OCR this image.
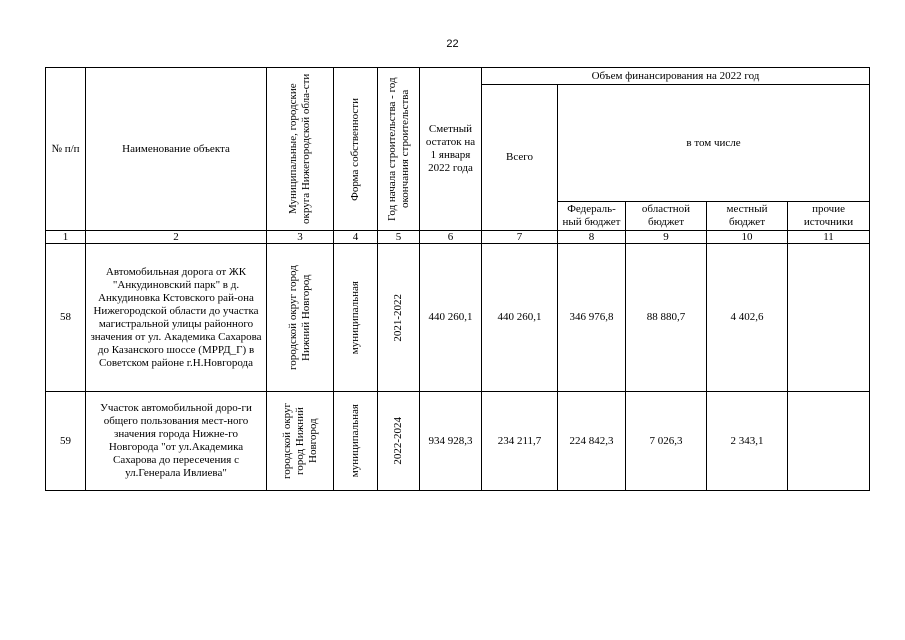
22
№ п/п	Наименование объекта	Муниципальные, городские округа Нижегородской обла-сти	Форма собственности	Год начала строительства - год окончания строительства	Сметный остаток на 1 января 2022 года	Объем финансирования на 2022 год				
						Всего	в том числе			
							Федераль-ный бюджет	областной бюджет	местный бюджет	прочие источники
1	2	3	4	5	6	7	8	9	10	11
58	Автомобильная дорога от ЖК "Анкудиновский парк" в д. Анкудиновка Кстовского рай-она Нижегородской области до участка магистральной улицы районного значения от ул. Академика Сахарова до Казанского шоссе (МРРД_Г) в Советском районе г.Н.Новгорода	городской округ город Нижний Новгород	муниципальная	2021-2022	440 260,1	440 260,1	346 976,8	88 880,7	4 402,6	
59	Участок автомобильной доро-ги общего пользования мест-ного значения города Нижне-го Новгорода "от ул.Академика Сахарова до пересечения с ул.Генерала Ивлиева"	городской округ город Нижний Новгород	муниципальная	2022-2024	934 928,3	234 211,7	224 842,3	7 026,3	2 343,1	
